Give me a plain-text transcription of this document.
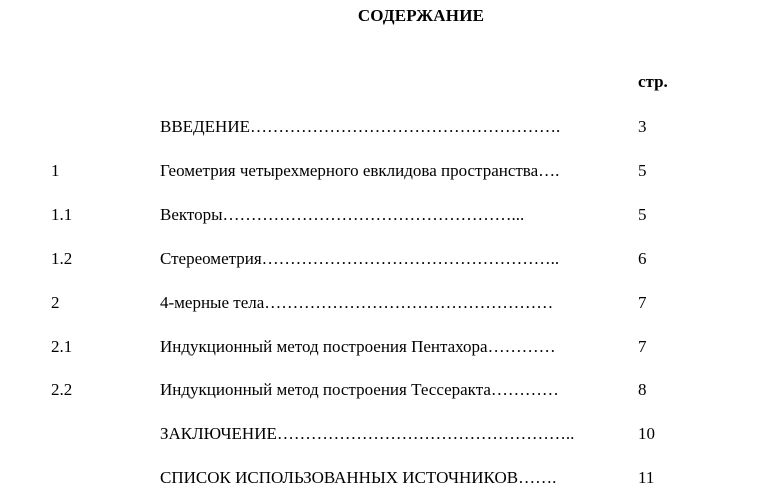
СОДЕРЖАНИЕ
стр.
ВВЕДЕНИЕ……………………………………………….	3
1	Геометрия четырехмерного евклидова пространства….	5
1.1	Векторы……………………………………………...	5
1.2	Стереометрия……………………………………………..	6
2	4-мерные тела……………………………………………	7
2.1	Индукционный метод построения Пентахора…………	7
2.2	Индукционный метод построения Тессеракта…………	8
ЗАКЛЮЧЕНИЕ……………………………………………..	10
СПИСОК ИСПОЛЬЗОВАННЫХ ИСТОЧНИКОВ…….	11
